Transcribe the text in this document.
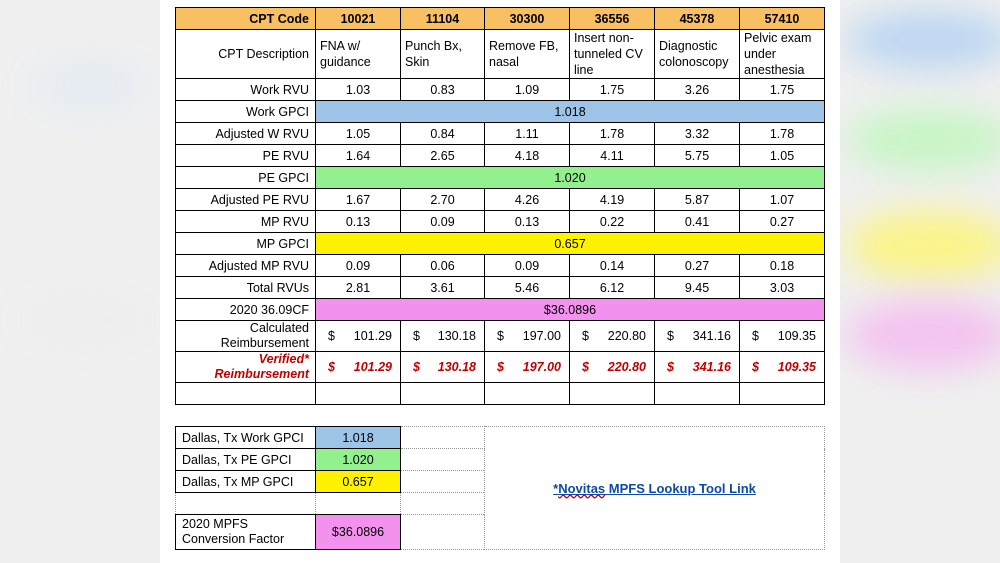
CPT Code	10021	11104	30300	36556	45378	57410
CPT Description	FNA w/ guidance	Punch Bx, Skin	Remove FB, nasal	Insert non-tunneled CV line	Diagnostic colonoscopy	Pelvic exam under anesthesia
Work RVU	1.03	0.83	1.09	1.75	3.26	1.75
Work GPCI	1.018					
Adjusted W RVU	1.05	0.84	1.11	1.78	3.32	1.78
PE RVU	1.64	2.65	4.18	4.11	5.75	1.05
PE GPCI	1.020					
Adjusted PE RVU	1.67	2.70	4.26	4.19	5.87	1.07
MP RVU	0.13	0.09	0.13	0.22	0.41	0.27
MP GPCI	0.657					
Adjusted MP RVU	0.09	0.06	0.09	0.14	0.27	0.18
Total RVUs	2.81	3.61	5.46	6.12	9.45	3.03
2020 36.09CF	$36.0896					
Calculated Reimbursement	$ 101.29	$ 130.18	$ 197.00	$ 220.80	$ 341.16	$ 109.35

Verified* Reimbursement	$ 101.29	$ 130.18	$ 197.00	$ 220.80	$ 341.16	$ 109.35

Dallas, Tx Work GPCI	1.018		*Novitas MPFS Lookup Tool Link
Dallas, Tx PE GPCI	1.020		
Dallas, Tx MP GPCI	0.657		

2020 MPFS Conversion Factor	$36.0896		
